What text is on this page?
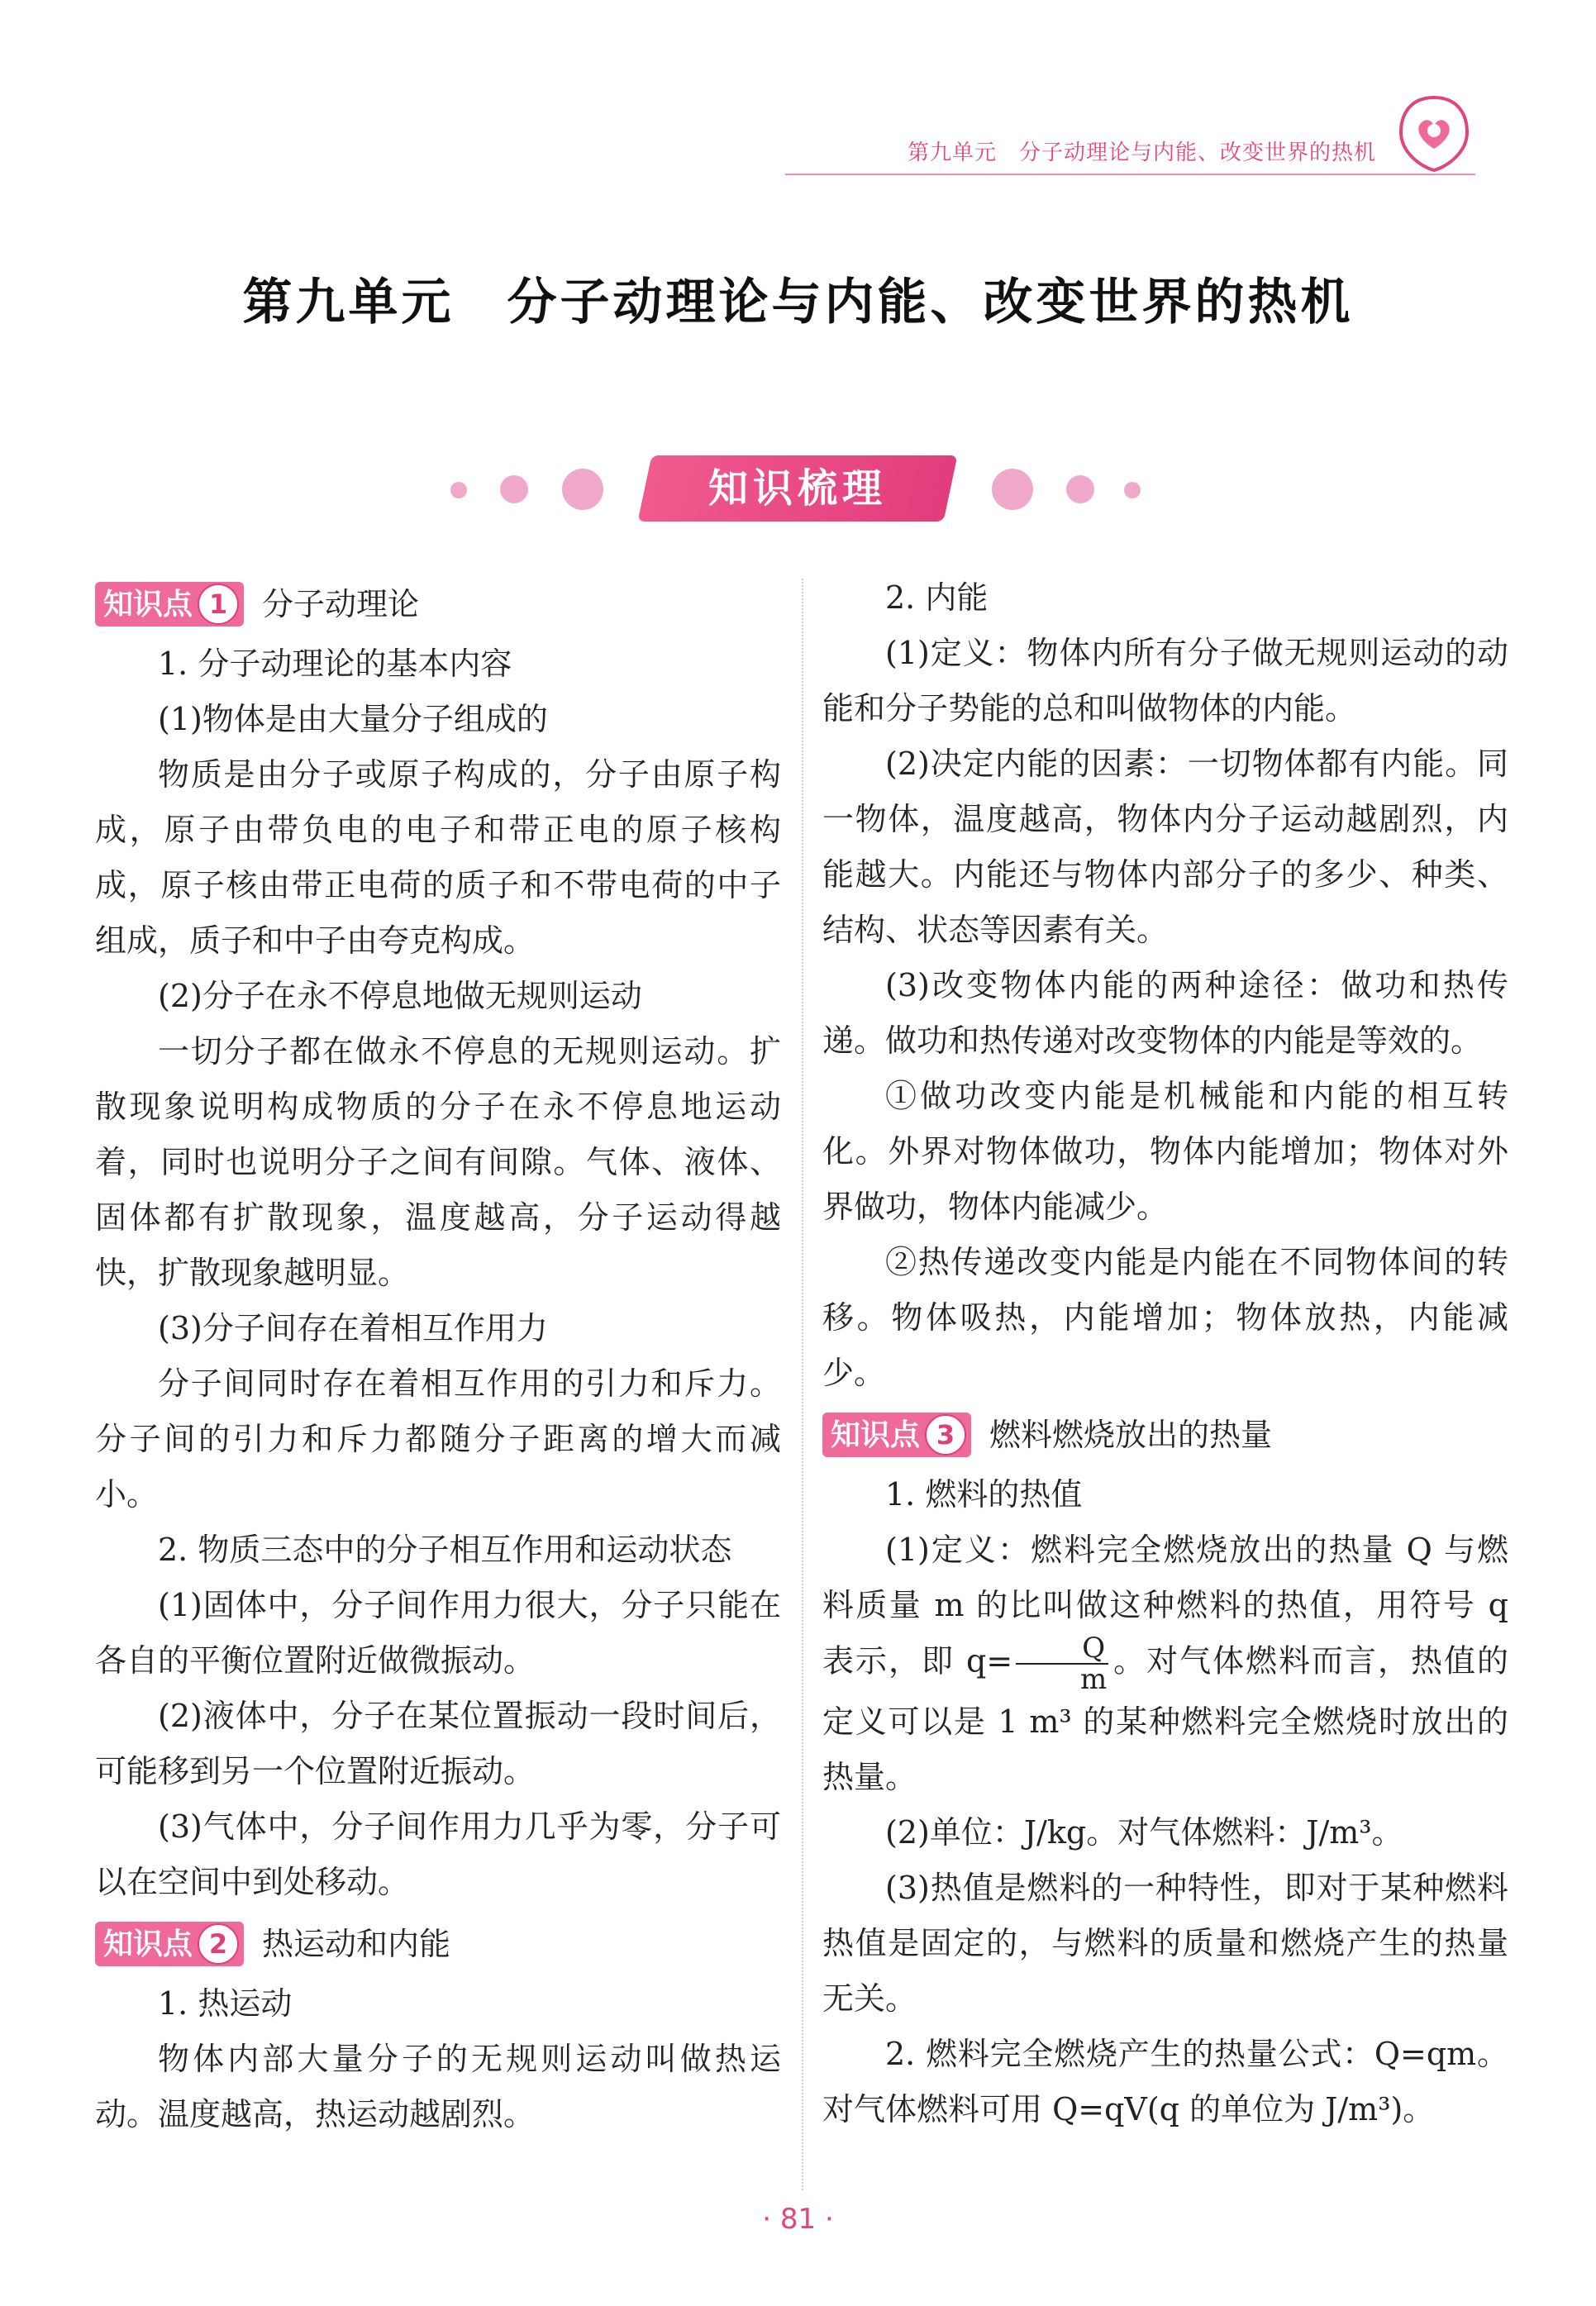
第九单元　分子动理论与内能、改变世界的热机
第九单元　分子动理论与内能、改变世界的热机
知识梳理
知识点 1	分子动理论

1. 分子动理论的基本内容

(1)物体是由大量分子组成的

物质是由分子或原子构成的，分子由原子构成，原子由带负电的电子和带正电的原子核构成，原子核由带正电荷的质子和不带电荷的中子组成，质子和中子由夸克构成。

(2)分子在永不停息地做无规则运动

一切分子都在做永不停息的无规则运动。扩散现象说明构成物质的分子在永不停息地运动着，同时也说明分子之间有间隙。气体、液体、固体都有扩散现象，温度越高，分子运动得越快，扩散现象越明显。

(3)分子间存在着相互作用力

分子间同时存在着相互作用的引力和斥力。分子间的引力和斥力都随分子距离的增大而减小。

2. 物质三态中的分子相互作用和运动状态

(1)固体中，分子间作用力很大，分子只能在各自的平衡位置附近做微振动。

(2)液体中，分子在某位置振动一段时间后，可能移到另一个位置附近振动。

(3)气体中，分子间作用力几乎为零，分子可以在空间中到处移动。

知识点 2	热运动和内能

1. 热运动

物体内部大量分子的无规则运动叫做热运动。温度越高，热运动越剧烈。

2. 内能

(1)定义：物体内所有分子做无规则运动的动能和分子势能的总和叫做物体的内能。

(2)决定内能的因素：一切物体都有内能。同一物体，温度越高，物体内分子运动越剧烈，内能越大。内能还与物体内部分子的多少、种类、结构、状态等因素有关。

(3)改变物体内能的两种途径：做功和热传递。做功和热传递对改变物体的内能是等效的。

①做功改变内能是机械能和内能的相互转化。外界对物体做功，物体内能增加；物体对外界做功，物体内能减少。

②热传递改变内能是内能在不同物体间的转移。物体吸热，内能增加；物体放热，内能减少。

知识点 3	燃料燃烧放出的热量

1. 燃料的热值

(1)定义：燃料完全燃烧放出的热量 Q 与燃料质量 m 的比叫做这种燃料的热值，用符号 q 表示，即 $q= \frac{Q}{m}$ 。对气体燃料而言，热值的定义可以是 1 m³ 的某种燃料完全燃烧时放出的热量。

(2)单位：J/kg。对气体燃料：J/m³。

(3)热值是燃料的一种特性，即对于某种燃料热值是固定的，与燃料的质量和燃烧产生的热量无关。

2. 燃料完全燃烧产生的热量公式：Q=qm。对气体燃料可用 Q=qV(q 的单位为 J/m³)。

· 81 ·
